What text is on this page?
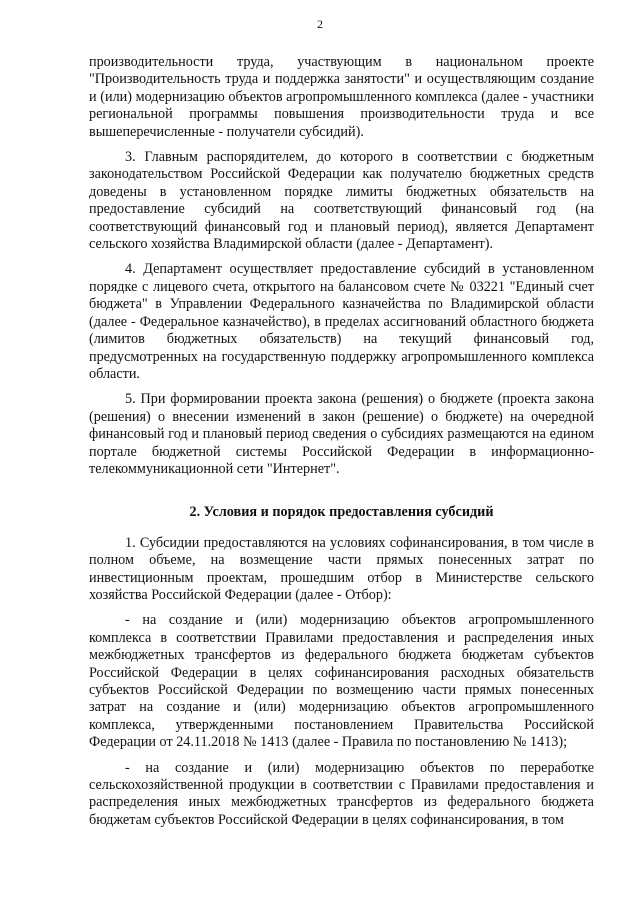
2

производительности труда, участвующим в национальном проекте "Производительность труда и поддержка занятости" и осуществляющим создание и (или) модернизацию объектов агропромышленного комплекса (далее - участники региональной программы повышения производительности труда и все вышеперечисленные - получатели субсидий).

3. Главным распорядителем, до которого в соответствии с бюджетным законодательством Российской Федерации как получателю бюджетных средств доведены в установленном порядке лимиты бюджетных обязательств на предоставление субсидий на соответствующий финансовый год (на соответствующий финансовый год и плановый период), является Департамент сельского хозяйства Владимирской области (далее - Департамент).

4. Департамент осуществляет предоставление субсидий в установленном порядке с лицевого счета, открытого на балансовом счете № 03221 "Единый счет бюджета" в Управлении Федерального казначейства по Владимирской области (далее - Федеральное казначейство), в пределах ассигнований областного бюджета (лимитов бюджетных обязательств) на текущий финансовый год, предусмотренных на государственную поддержку агропромышленного комплекса области.

5. При формировании проекта закона (решения) о бюджете (проекта закона (решения) о внесении изменений в закон (решение) о бюджете) на очередной финансовый год и плановый период сведения о субсидиях размещаются на едином портале бюджетной системы Российской Федерации в информационно-телекоммуникационной сети "Интернет".

2. Условия и порядок предоставления субсидий

1. Субсидии предоставляются на условиях софинансирования, в том числе в полном объеме, на возмещение части прямых понесенных затрат по инвестиционным проектам, прошедшим отбор в Министерстве сельского хозяйства Российской Федерации (далее - Отбор):

- на создание и (или) модернизацию объектов агропромышленного комплекса в соответствии Правилами предоставления и распределения иных межбюджетных трансфертов из федерального бюджета бюджетам субъектов Российской Федерации в целях софинансирования расходных обязательств субъектов Российской Федерации по возмещению части прямых понесенных затрат на создание и (или) модернизацию объектов агропромышленного комплекса, утвержденными постановлением Правительства Российской Федерации от 24.11.2018 № 1413 (далее - Правила по постановлению № 1413);

- на создание и (или) модернизацию объектов по переработке сельскохозяйственной продукции в соответствии с Правилами предоставления и распределения иных межбюджетных трансфертов из федерального бюджета бюджетам субъектов Российской Федерации в целях софинансирования, в том
